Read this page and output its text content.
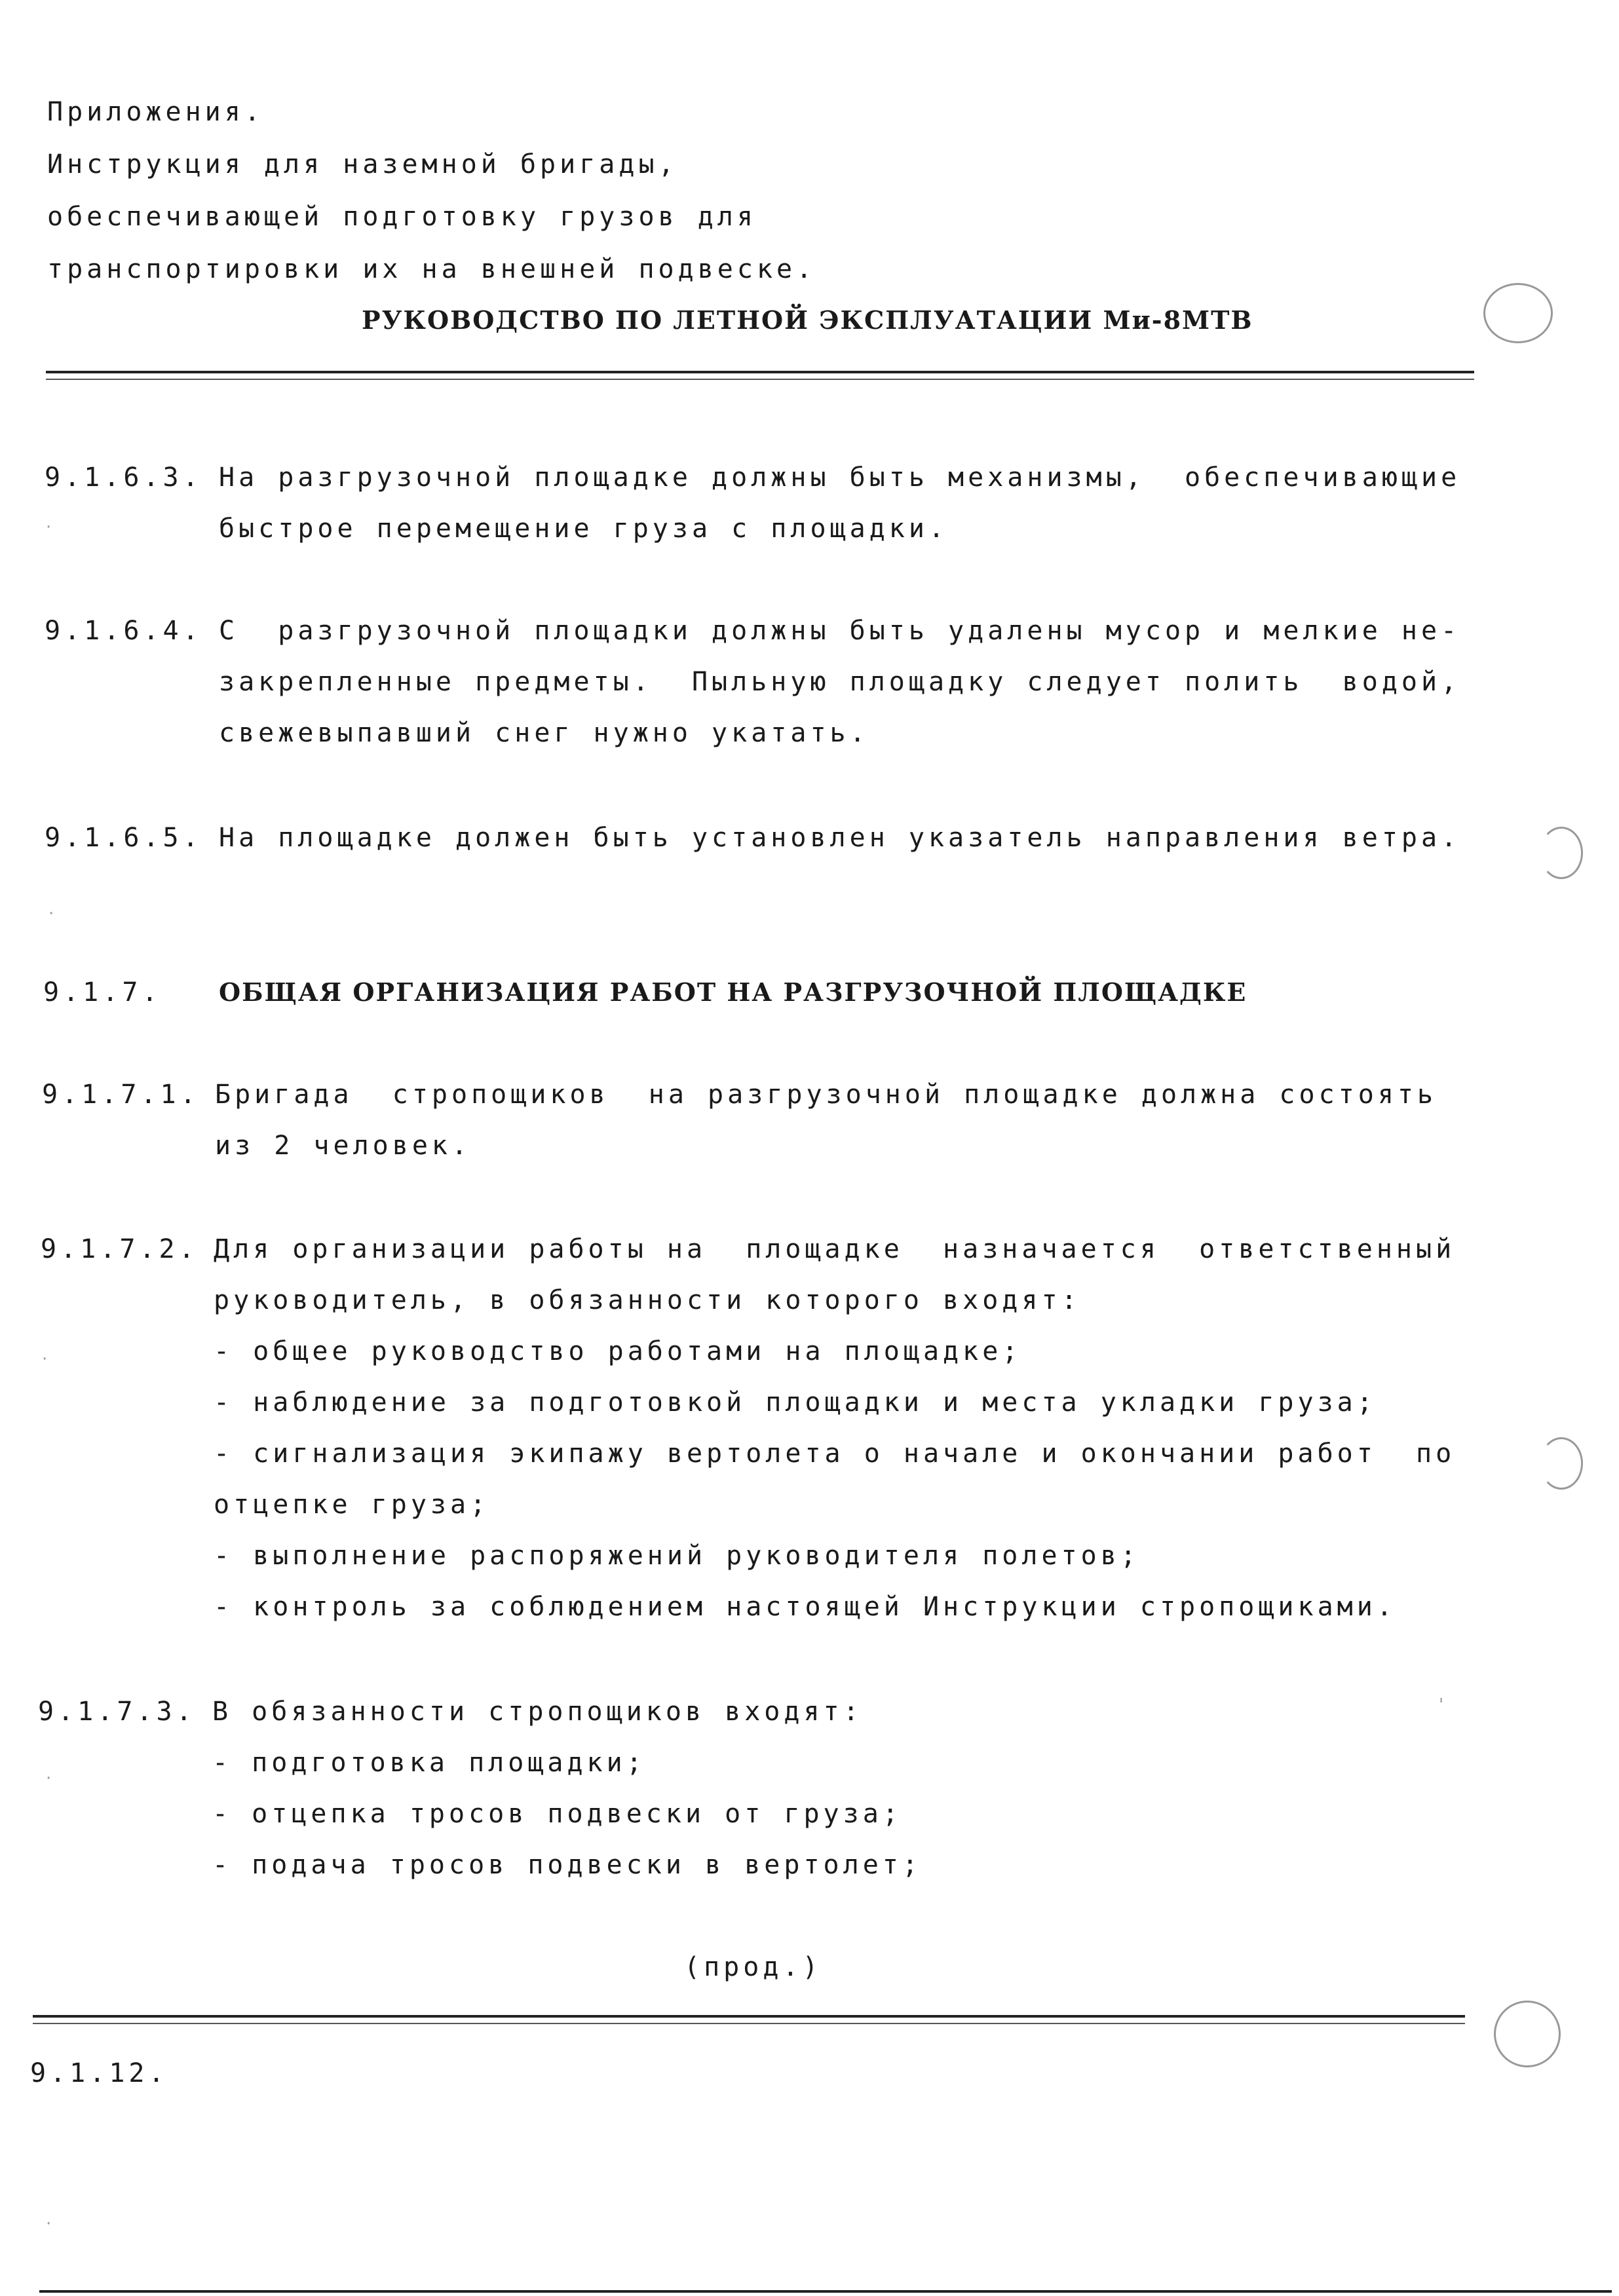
Приложения.
Инструкция для наземной бригады,
обеспечивающей подготовку грузов для
транспортировки их на внешней подвеске.
РУКОВОДСТВО ПО ЛЕТНОЙ ЭКСПЛУАТАЦИИ Ми-8МТВ
9.1.6.3. На разгрузочной площадке должны быть механизмы,  обеспечивающие
быстрое перемещение груза с площадки.
9.1.6.4. С  разгрузочной площадки должны быть удалены мусор и мелкие не-
закрепленные предметы.  Пыльную площадку следует полить  водой,
свежевыпавший снег нужно укатать.
9.1.6.5. На площадке должен быть установлен указатель направления ветра.
9.1.7. ОБЩАЯ ОРГАНИЗАЦИЯ РАБОТ НА РАЗГРУЗОЧНОЙ ПЛОЩАДКЕ
9.1.7.1. Бригада  стропощиков  на разгрузочной площадке должна состоять
из 2 человек.
9.1.7.2. Для организации работы на  площадке  назначается  ответственный
руководитель, в обязанности которого входят:
- общее руководство работами на площадке;
- наблюдение за подготовкой площадки и места укладки груза;
- сигнализация экипажу вертолета о начале и окончании работ  по
отцепке груза;
- выполнение распоряжений руководителя полетов;
- контроль за соблюдением настоящей Инструкции стропощиками.
9.1.7.3. В обязанности стропощиков входят:
- подготовка площадки;
- отцепка тросов подвески от груза;
- подача тросов подвески в вертолет;
(прод.)
9.1.12.
·
·
·
·
·
'
